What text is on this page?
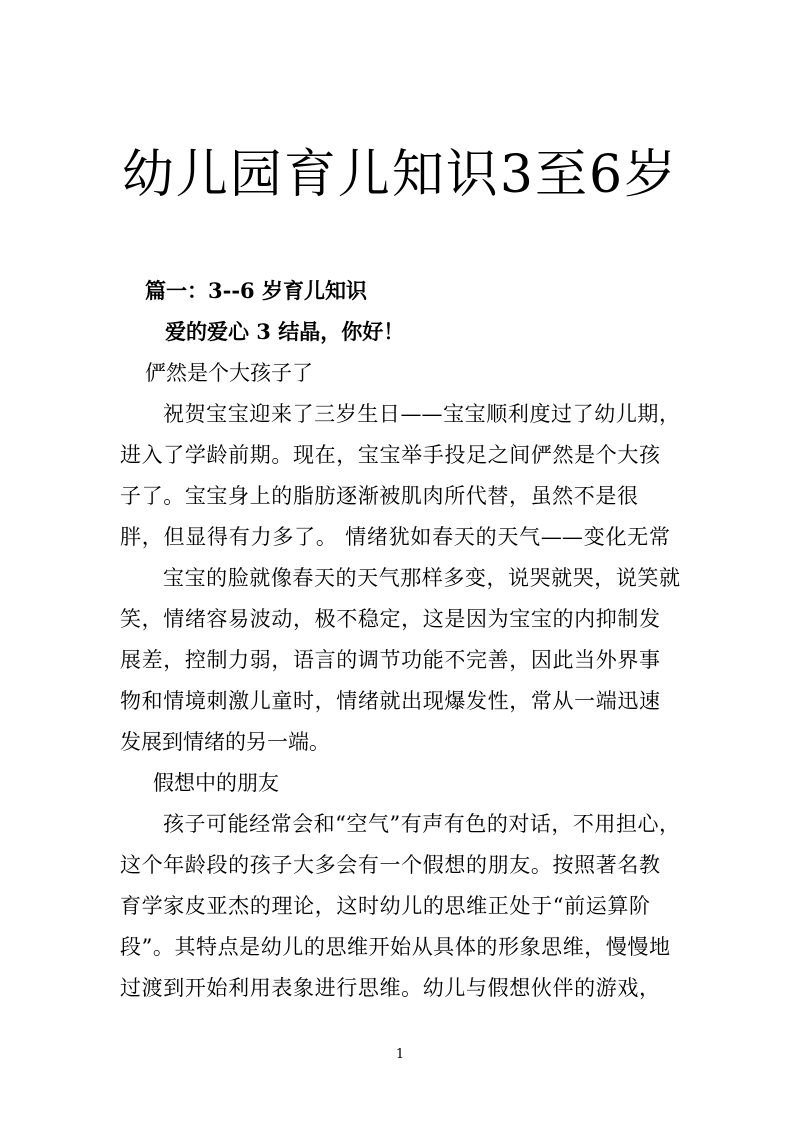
幼儿园育儿知识3至6岁
篇一：3--6 岁育儿知识
爱的爱心 3 结晶，你好！
俨然是个大孩子了
祝贺宝宝迎来了三岁生日——宝宝顺利度过了幼儿期，
进入了学龄前期。现在，宝宝举手投足之间俨然是个大孩
子了。宝宝身上的脂肪逐渐被肌肉所代替，虽然不是很
胖，但显得有力多了。 情绪犹如春天的天气——变化无常
宝宝的脸就像春天的天气那样多变，说哭就哭，说笑就
笑，情绪容易波动，极不稳定，这是因为宝宝的内抑制发
展差，控制力弱，语言的调节功能不完善，因此当外界事
物和情境刺激儿童时，情绪就出现爆发性，常从一端迅速
发展到情绪的另一端。
假想中的朋友
孩子可能经常会和“空气”有声有色的对话，不用担心，
这个年龄段的孩子大多会有一个假想的朋友。按照著名教
育学家皮亚杰的理论，这时幼儿的思维正处于“前运算阶
段”。其特点是幼儿的思维开始从具体的形象思维，慢慢地
过渡到开始利用表象进行思维。幼儿与假想伙伴的游戏，
1
